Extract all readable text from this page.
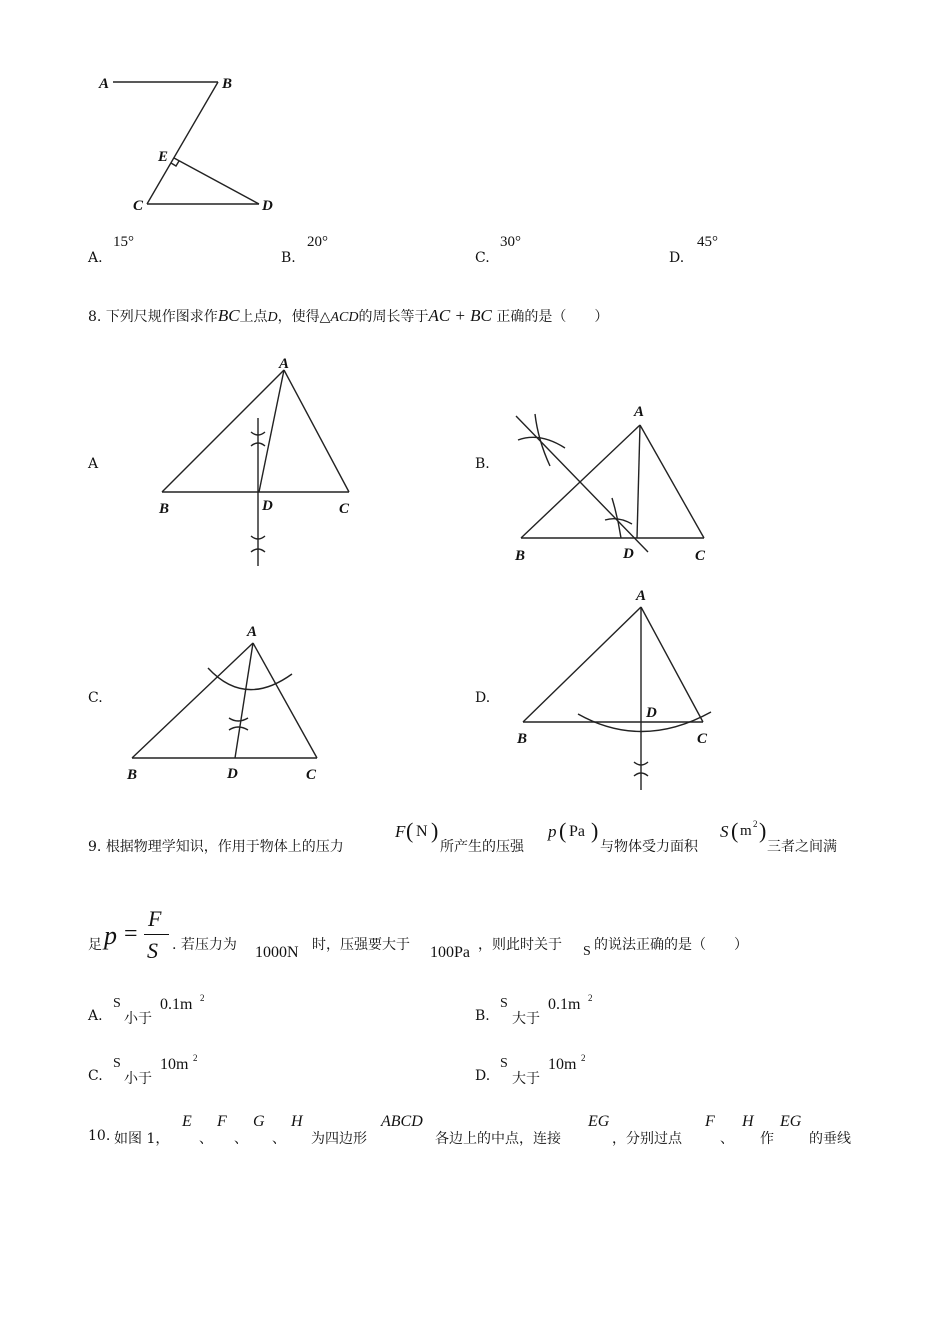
A	B
E
C	D
A.
15°
B.
20°
C.
30°
D.
45°
8. 下列尺规作图求作BC上点D，使得△ACD的周长等于AC + BC 正确的是（　　）
A	B.
C.	D.
A
B	D	C
A
B	D	C
A
B	D	C
A
D
B	C
9. 根据物理学知识，作用于物体上的压力
F ( N )
所产生的压强
p ( Pa )
与物体受力面积
S ( m 2 )
三者之间满
足 p =
F
S . 若压力为 1000N 时，压强要大于 100Pa ，则此时关于 S 的说法正确的是（　　）
A.
S
小于
0.1m 2
B.
S
大于
0.1m 2
C.
S
小于
10m 2
D.
S
大于
10m 2
10. 如图 1，
E
、
F
、
G
、
H
为四边形
ABCD
各边上的中点，连接
EG
，分别过点
F
、
H
作
EG
的垂线
